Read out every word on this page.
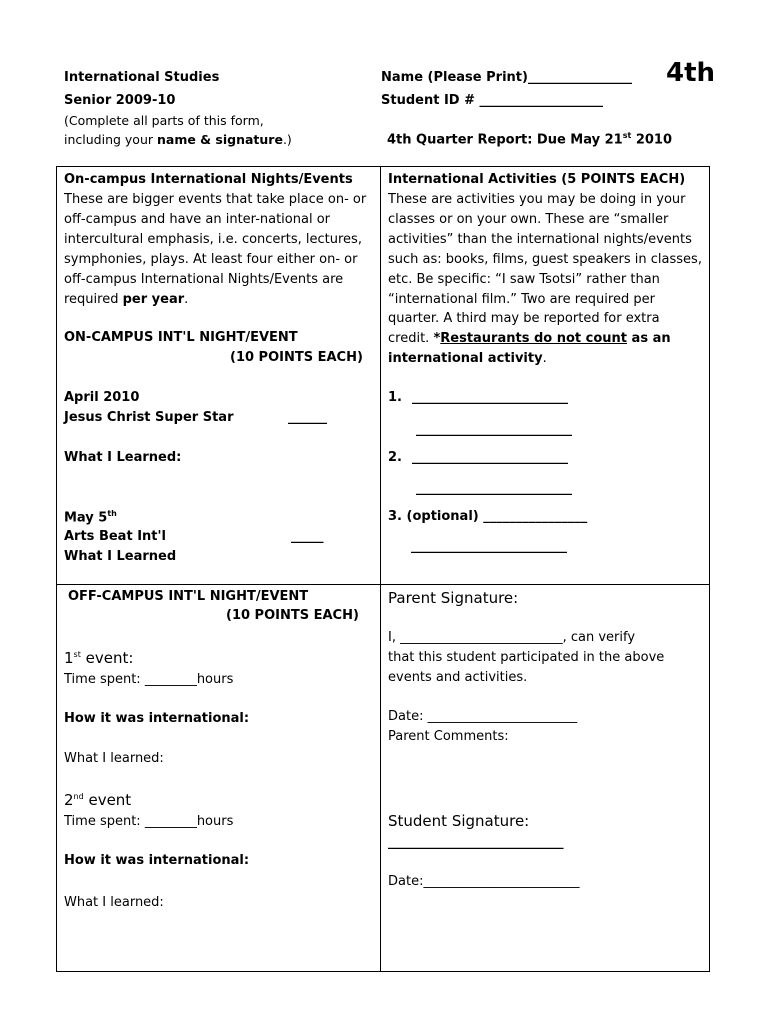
International Studies
Senior 2009-10
(Complete all parts of this form,
including your name & signature.)
Name (Please Print)________________ 4th
Student ID # ___________________
4th Quarter Report: Due May 21st 2010
On-campus International Nights/Events
These are bigger events that take place on- or
off-campus and have an inter-national or
intercultural emphasis, i.e. concerts, lectures,
symphonies, plays. At least four either on- or
off-campus International Nights/Events are
required per year.
ON-CAMPUS INT'L NIGHT/EVENT
(10 POINTS EACH)
April 2010
Jesus Christ Super Star	______
What I Learned:
May 5th
Arts Beat Int'l	_____
What I Learned
International Activities (5 POINTS EACH)
These are activities you may be doing in your
classes or on your own. These are “smaller
activities” than the international nights/events
such as: books, films, guest speakers in classes,
etc. Be specific: “I saw Tsotsi” rather than
“international film.” Two are required per
quarter. A third may be reported for extra
credit. *Restaurants do not count as an
international activity.
1. ________________________
________________________
2. ________________________
________________________
3. (optional) ________________
________________________
OFF-CAMPUS INT'L NIGHT/EVENT
(10 POINTS EACH)
1st event:
Time spent: ________hours
How it was international:
What I learned:
2nd event
Time spent: ________hours
How it was international:
What I learned:
Parent Signature:
I, _________________________, can verify
that this student participated in the above
events and activities.
Date: _______________________
Parent Comments:
Student Signature:
___________________________
Date:________________________
